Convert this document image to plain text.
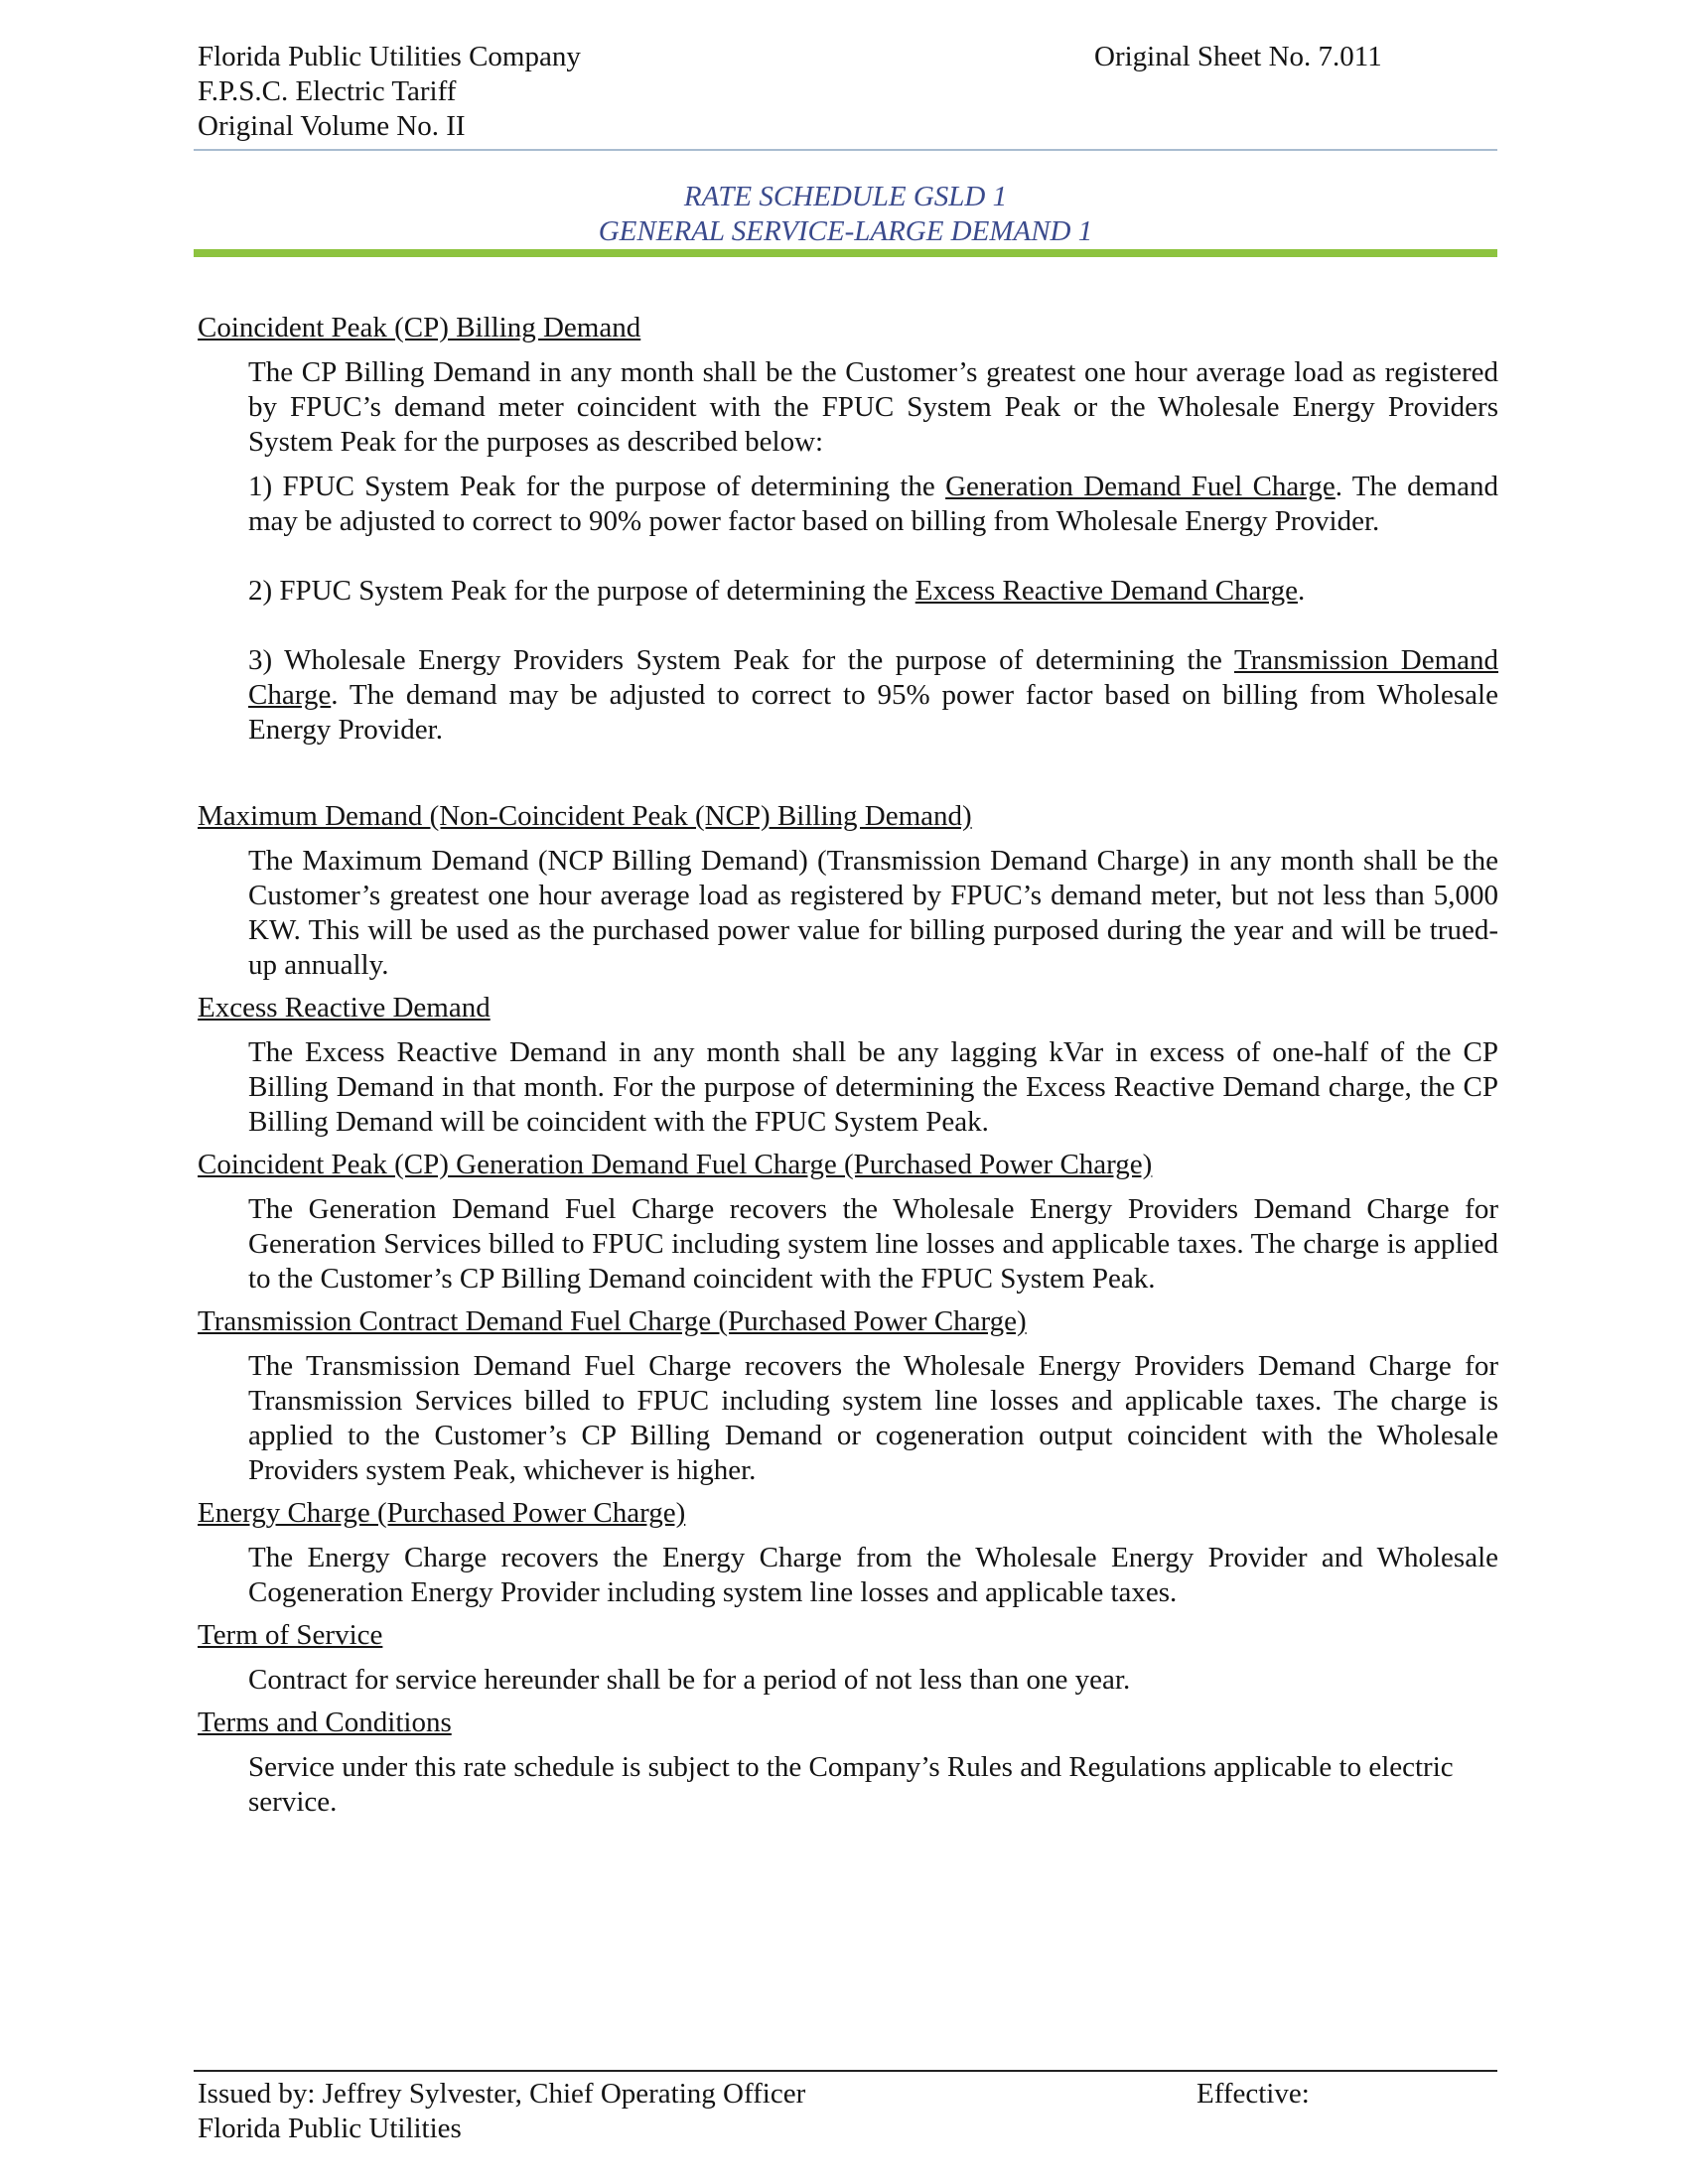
Florida Public Utilities Company
F.P.S.C. Electric Tariff
Original Volume No. II
Original Sheet No. 7.011
RATE SCHEDULE GSLD 1
GENERAL SERVICE-LARGE DEMAND 1

Coincident Peak (CP) Billing Demand

The CP Billing Demand in any month shall be the Customer’s greatest one hour average load as registered by FPUC’s demand meter coincident with the FPUC System Peak or the Wholesale Energy Providers System Peak for the purposes as described below:

1) FPUC System Peak for the purpose of determining the Generation Demand Fuel Charge. The demand may be adjusted to correct to 90% power factor based on billing from Wholesale Energy Provider.

2) FPUC System Peak for the purpose of determining the Excess Reactive Demand Charge.

3) Wholesale Energy Providers System Peak for the purpose of determining the Transmission Demand Charge. The demand may be adjusted to correct to 95% power factor based on billing from Wholesale Energy Provider.

Maximum Demand (Non-Coincident Peak (NCP) Billing Demand)

The Maximum Demand (NCP Billing Demand) (Transmission Demand Charge) in any month shall be the Customer’s greatest one hour average load as registered by FPUC’s demand meter, but not less than 5,000 KW. This will be used as the purchased power value for billing purposed during the year and will be trued-up annually.

Excess Reactive Demand

The Excess Reactive Demand in any month shall be any lagging kVar in excess of one-half of the CP Billing Demand in that month. For the purpose of determining the Excess Reactive Demand charge, the CP Billing Demand will be coincident with the FPUC System Peak.

Coincident Peak (CP) Generation Demand Fuel Charge (Purchased Power Charge)

The Generation Demand Fuel Charge recovers the Wholesale Energy Providers Demand Charge for Generation Services billed to FPUC including system line losses and applicable taxes. The charge is applied to the Customer’s CP Billing Demand coincident with the FPUC System Peak.

Transmission Contract Demand Fuel Charge (Purchased Power Charge)

The Transmission Demand Fuel Charge recovers the Wholesale Energy Providers Demand Charge for Transmission Services billed to FPUC including system line losses and applicable taxes. The charge is applied to the Customer’s CP Billing Demand or cogeneration output coincident with the Wholesale Providers system Peak, whichever is higher.

Energy Charge (Purchased Power Charge)

The Energy Charge recovers the Energy Charge from the Wholesale Energy Provider and Wholesale Cogeneration Energy Provider including system line losses and applicable taxes.

Term of Service

Contract for service hereunder shall be for a period of not less than one year.

Terms and Conditions

Service under this rate schedule is subject to the Company’s Rules and Regulations applicable to electric service.

Issued by: Jeffrey Sylvester, Chief Operating Officer
Florida Public Utilities
Effective:
